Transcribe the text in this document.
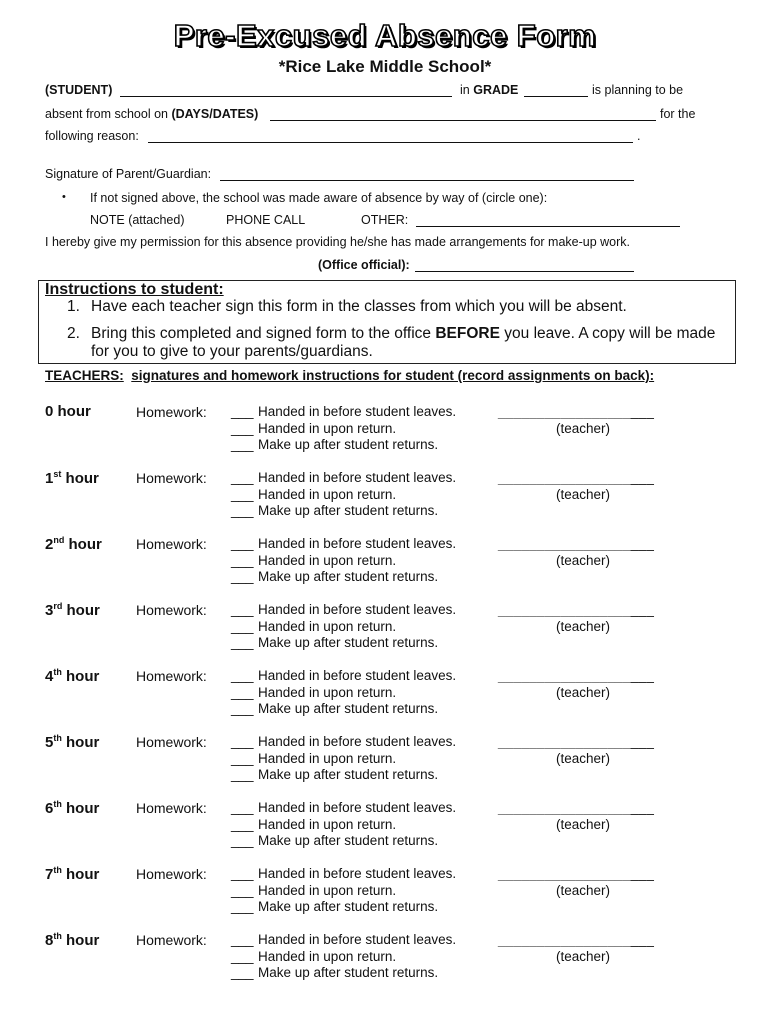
Pre-Excused Absence Form
*Rice Lake Middle School*
(STUDENT)	in GRADE	is planning to be
absent from school on (DAYS/DATES)	for the
following reason:	.
Signature of Parent/Guardian:
• If not signed above, the school was made aware of absence by way of (circle one):
NOTE (attached)	PHONE CALL	OTHER:
I hereby give my permission for this absence providing he/she has made arrangements for make-up work.
(Office official):
Instructions to student:
1. Have each teacher sign this form in the classes from which you will be absent.
2. Bring this completed and signed form to the office BEFORE you leave. A copy will be made
for you to give to your parents/guardians.
TEACHERS: signatures and homework instructions for student (record assignments on back):
0 hour	Homework: ___ Handed in before student leaves.
___ Handed in upon return.
___ Make up after student returns.
____________________
(teacher)
1st hour	Homework: ___ Handed in before student leaves.
___ Handed in upon return.
___ Make up after student returns.
____________________
(teacher)
2nd hour Homework: ___ Handed in before student leaves.
___ Handed in upon return.
___ Make up after student returns.
____________________
(teacher)
3rd hour	Homework: ___ Handed in before student leaves.
___ Handed in upon return.
___ Make up after student returns.
____________________
(teacher)
4th hour	Homework: ___ Handed in before student leaves.
___ Handed in upon return.
___ Make up after student returns.
____________________
(teacher)
5th hour	Homework: ___ Handed in before student leaves.
___ Handed in upon return.
___ Make up after student returns.
____________________
(teacher)
6th hour	Homework: ___ Handed in before student leaves.
___ Handed in upon return.
___ Make up after student returns.
____________________
(teacher)
7th hour	Homework: ___ Handed in before student leaves.
___ Handed in upon return.
___ Make up after student returns.
____________________
(teacher)
8th hour	Homework: ___ Handed in before student leaves.
___ Handed in upon return.
___ Make up after student returns.
____________________
(teacher)
